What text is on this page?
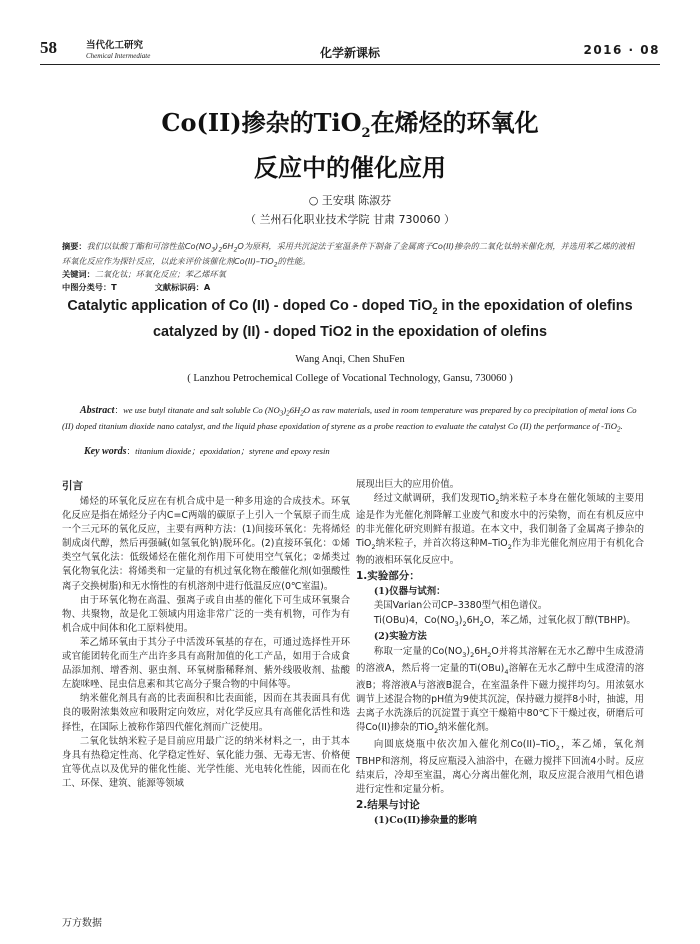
58	当代化工研究
Chemical Intermediate	化学新课标	2016 · 08
Co(II)掺杂的TiO$_2$在烯烃的环氧化
反应中的催化应用
○ 王安琪 陈淑芬
（ 兰州石化职业技术学院 甘肃 730060 ）
摘要：我们以钛酸丁酯和可溶性盐$Co(NO_3)_26H_2O$为原料，采用共沉淀法于室温条件下制备了金属离子Co(II)掺杂的二氧化钛纳米催化剂，并选用苯乙烯的液相环氧化反应作为探针反应，以此来评价该催化剂Co(II)–TiO$_2$的性能。
关键词：二氧化钛；环氧化反应；苯乙烯环氧
中图分类号：T	文献标识码：A
Catalytic application of Co (II) - doped Co - doped TiO$_2$ in the epoxidation of olefins
catalyzed by (II) - doped TiO2 in the epoxidation of olefins
Wang Anqi, Chen ShuFen
( Lanzhou Petrochemical College of Vocational Technology, Gansu, 730060 )
Abstract：we use butyl titanate and salt soluble Co $(NO_3)_26H_2O$ as raw materials, used in room temperature was prepared by co precipitation of metal ions Co (II) doped titanium dioxide nano catalyst, and the liquid phase epoxidation of styrene as a probe reaction to evaluate the catalyst Co (II) the performance of -TiO$_2$.
Key words：titanium dioxide；epoxidation；styrene and epoxy resin
引言

烯烃的环氧化反应在有机合成中是一种多用途的合成技术。环氧化反应是指在烯烃分子内C=C两端的碳原子上引入一个氧原子而生成一个三元环的氧化反应，主要有两种方法：(1)间接环氧化：先将烯烃制成卤代醇，然后再强碱(如氢氧化钠)脱环化。(2)直接环氧化：①烯类空气氧化法：低级烯烃在催化剂作用下可使用空气氧化；②烯类过氧化物氧化法：将烯类和一定量的有机过氧化物在酸催化剂(如强酸性离子交换树脂)和无水惰性的有机溶剂中进行低温反应(0℃室温)。

由于环氧化物在高温、强离子或自由基的催化下可生成环氧聚合物、共聚物，故是化工领域内用途非常广泛的一类有机物，可作为有机合成中间体和化工原料使用。

苯乙烯环氧由于其分子中活泼环氧基的存在，可通过选择性开环或官能团转化而生产出许多具有高附加值的化工产品，如用于合成食品添加剂、增香剂、驱虫剂、环氧树脂稀释剂、紫外线吸收剂、盐酸左旋咪唑、昆虫信息素和其它高分子聚合物的中间体等。

纳米催化剂具有高的比表面积和比表面能，因而在其表面具有优良的吸附浓集效应和吸附定向效应，对化学反应具有高催化活性和选择性，在国际上被称作第四代催化剂而广泛使用。

二氧化钛纳米粒子是目前应用最广泛的纳米材料之一，由于其本身具有热稳定性高、化学稳定性好、氧化能力强、无毒无害、价格便宜等优点以及优异的催化性能、光学性能、光电转化性能，因而在化工、环保、建筑、能源等领域

展现出巨大的应用价值。

经过文献调研，我们发现TiO$_2$纳米粒子本身在催化领域的主要用途是作为光催化剂降解工业废气和废水中的污染物，而在有机反应中的非光催化研究则鲜有报道。在本文中，我们制备了金属离子掺杂的TiO$_2$纳米粒子，并首次将这种M–TiO$_2$作为非光催化剂应用于有机化合物的液相环氧化反应中。

1.实验部分：
(1)仪器与试剂：

美国Varian公司CP–3380型气相色谱仪。

Ti(OBu)4，$Co(NO_3)_26H_2O$，苯乙烯，过氧化叔丁醇(TBHP)。

(2)实验方法

称取一定量的$Co(NO_3)_26H_2O$并将其溶解在无水乙醇中生成澄清的溶液A，然后将一定量的$Ti(OBu)_4$溶解在无水乙醇中生成澄清的溶液B；将溶液A与溶液B混合，在室温条件下磁力搅拌均匀。用浓氨水调节上述混合物的pH值为9使其沉淀，保持磁力搅拌8小时，抽滤，用去离子水洗涤后的沉淀置于真空干燥箱中80℃下干燥过夜，研磨后可得Co(II)掺杂的TiO$_2$纳米催化剂。

向圆底烧瓶中依次加入催化剂Co(II)–TiO$_2$，苯乙烯，氧化剂TBHP和溶剂，将反应瓶浸入油浴中，在磁力搅拌下回流4小时。反应结束后，冷却至室温，离心分离出催化剂，取反应混合液用气相色谱进行定性和定量分析。

2.结果与讨论
(1)Co(II)掺杂量的影响
万方数据
